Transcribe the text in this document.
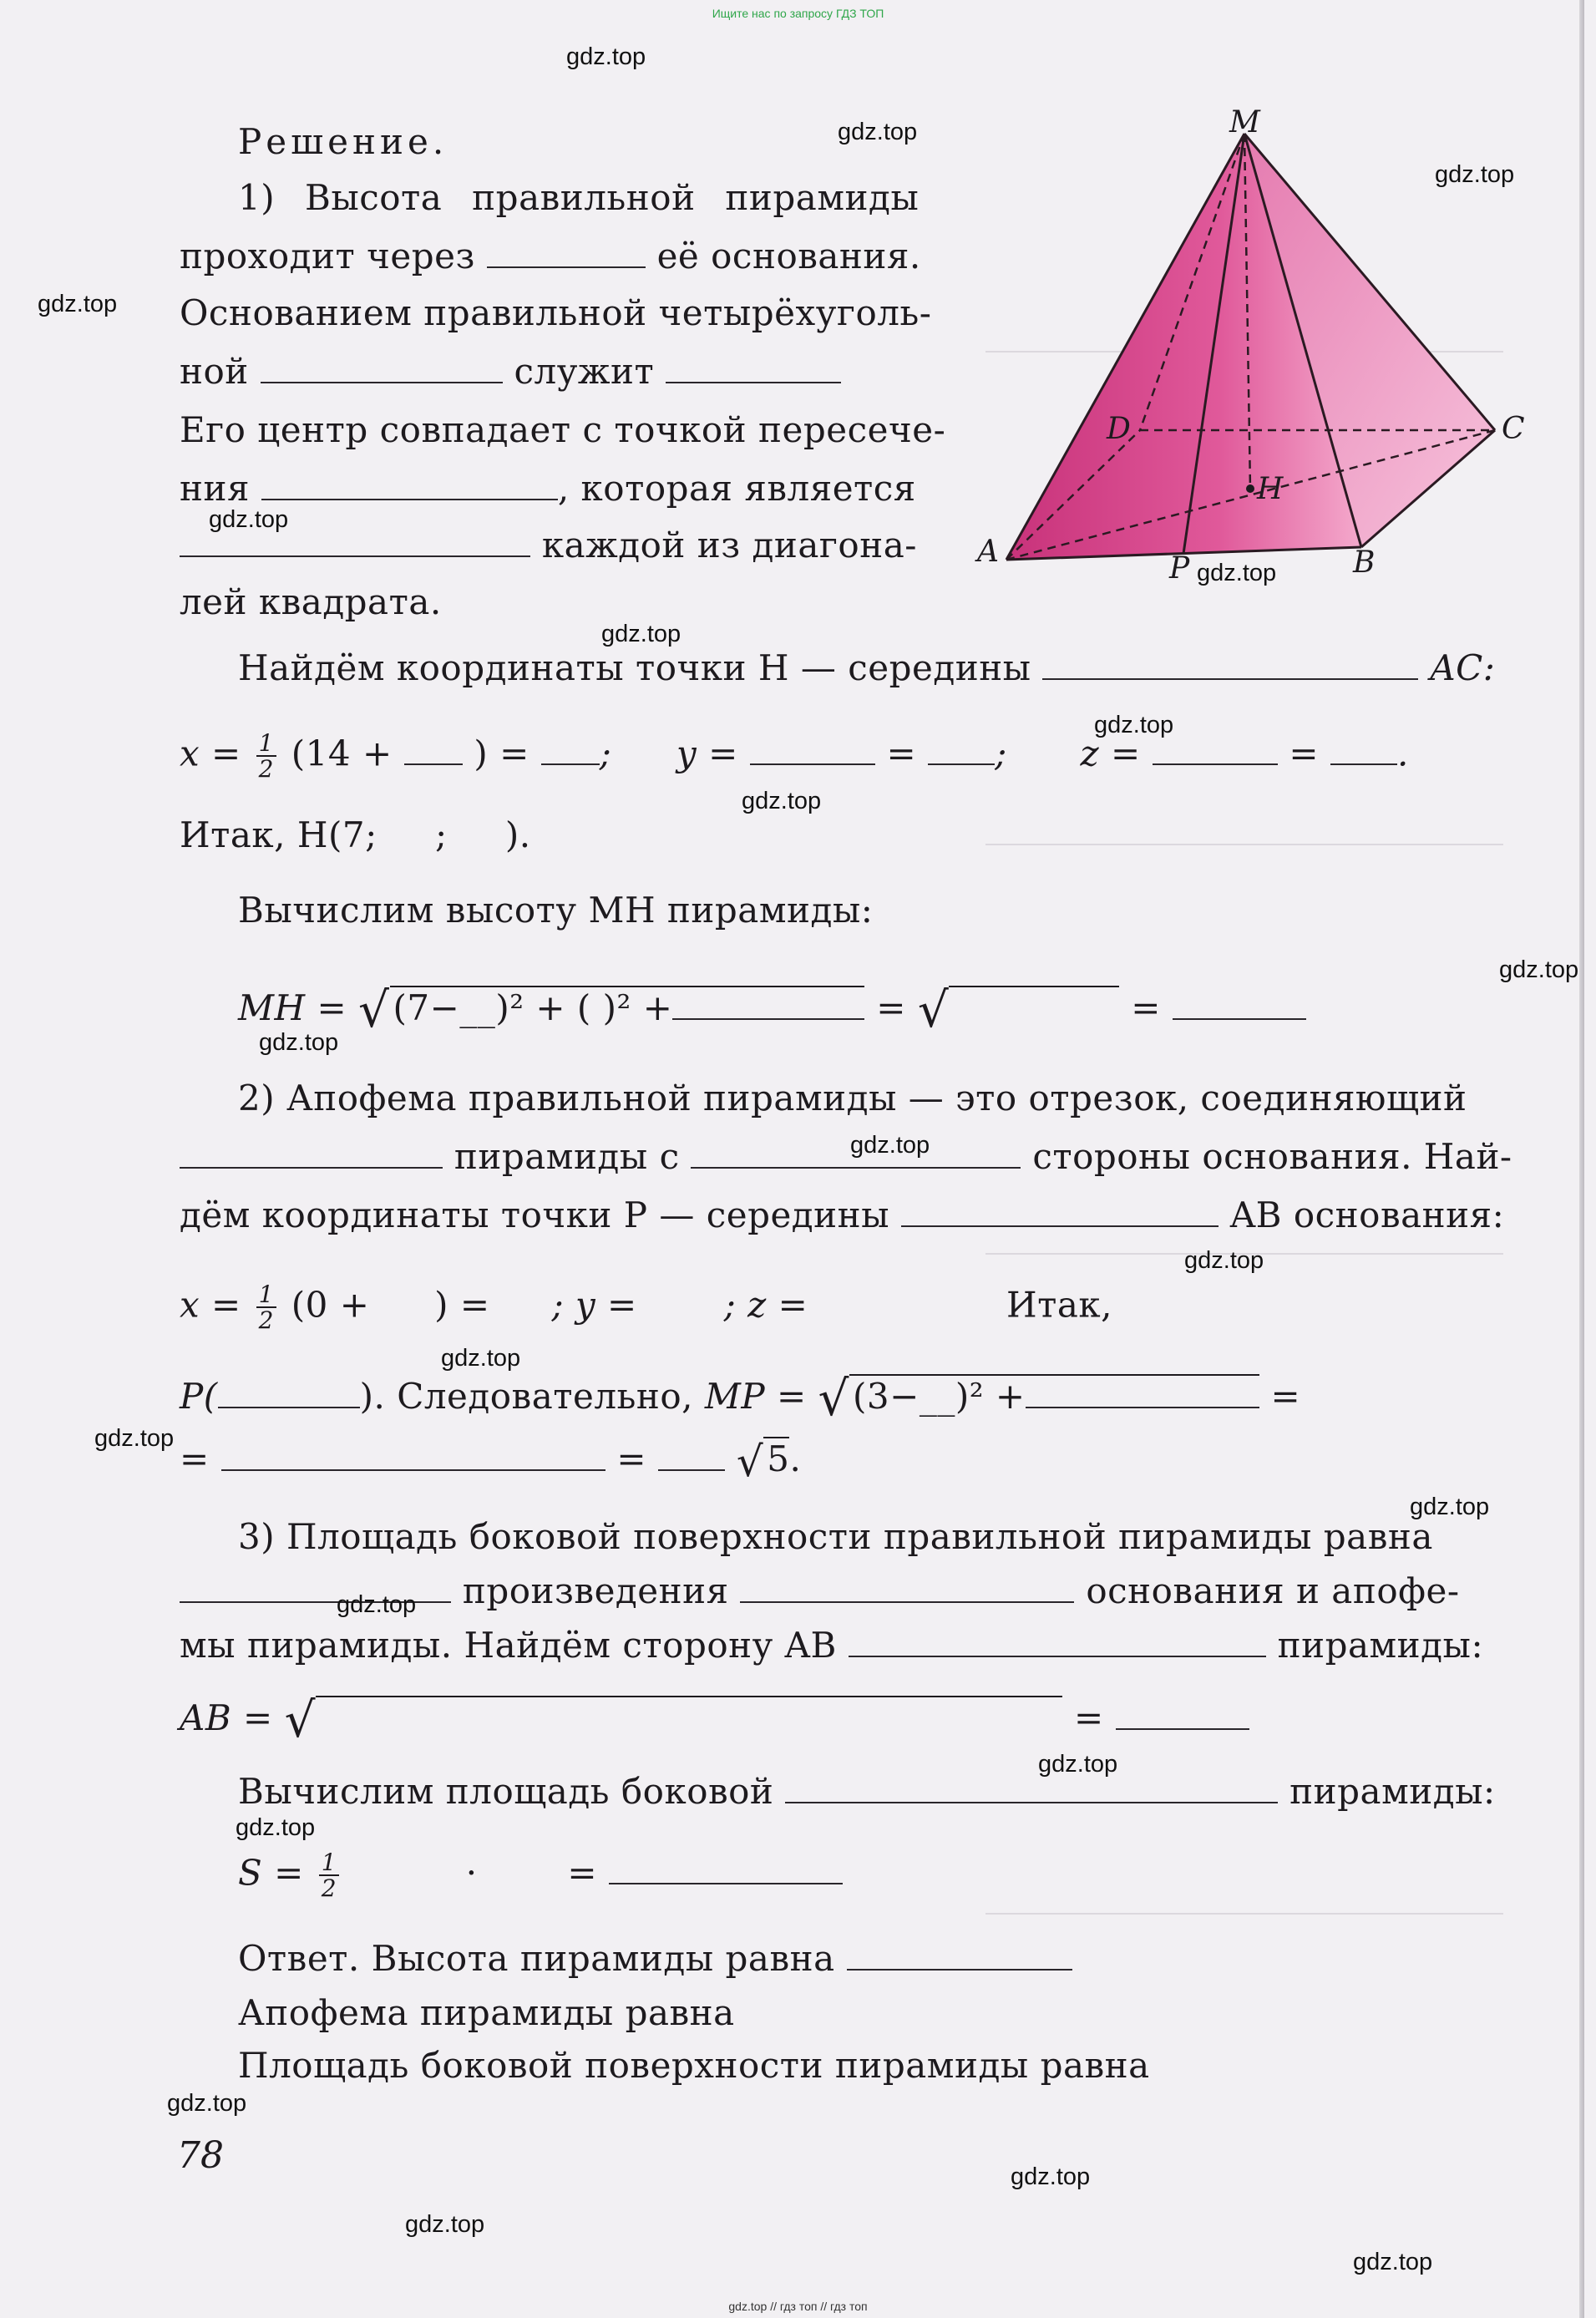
Ищите нас по запросу ГДЗ ТОП
M
D	C
H
A	P	B
Решение.
1) Высота правильной пирамиды
проходит через	её основания.
Основанием правильной четырёхуголь-
ной	служит
Его центр совпадает с точкой пересече-
ния	, которая является
каждой из диагона-
лей квадрата.
Найдём координаты точки H — середины	AC:
$x = \frac{1}{2} (14$ + ) = ; y =	= ; z =	= .
Итак, H(7;     ;     ).
Вычислим высоту MH пирамиды:
MH = √(7−__)² + ( )² +	= √	=
2) Апофема правильной пирамиды — это отрезок, соединяющий
пирамиды с	стороны основания. Най-
дём координаты точки P — середины	AB основания:
$x = \frac{1}{2} (0$ + ) = ; y = ; z =	Итак,
P(	). Следовательно, MP = √(3−__)² +	=
=	= √5.
3) Площадь боковой поверхности правильной пирамиды равна
произведения	основания и апофе-
мы пирамиды. Найдём сторону AB	пирамиды:
AB = √	=
Вычислим площадь боковой	пирамиды:
$S = \frac{1}{2}$	·	=
Ответ. Высота пирамиды равна
Апофема пирамиды равна
Площадь боковой поверхности пирамиды равна
78
gdz.top
gdz.top
gdz.top
gdz.top
gdz.top
gdz.top
gdz.top
gdz.top
gdz.top
gdz.top
gdz.top
gdz.top
gdz.top
gdz.top
gdz.top
gdz.top
gdz.top
gdz.top
gdz.top
gdz.top
gdz.top
gdz.top
gdz.top
gdz.top // гдз топ // гдз топ
